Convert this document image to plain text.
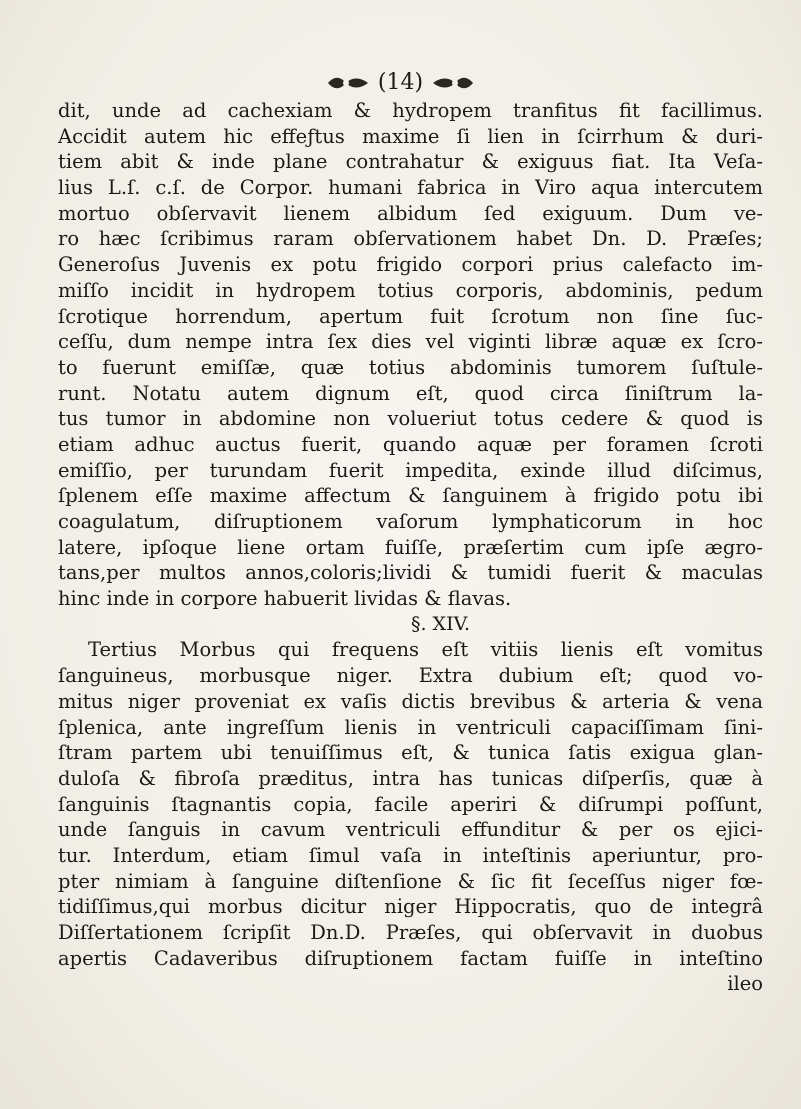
(14)
dit, unde ad cachexiam & hydropem tranfitus fit facillimus.
Accidit autem hic effeƒtus maxime ſi lien in ſcirrhum & duri-
tiem abit & inde plane contrahatur & exiguus fiat. Ita Veſa-
lius L.ſ. c.ſ. de Corpor. humani fabrica in Viro aqua intercutem
mortuo obſervavit lienem albidum ſed exiguum. Dum ve-
ro hæc ſcribimus raram obſervationem habet Dn. D. Præſes;
Generoſus Juvenis ex potu frigido corpori prius calefacto im-
miſſo incidit in hydropem totius corporis, abdominis, pedum
ſcrotique horrendum, apertum fuit ſcrotum non ſine ſuc-
ceſſu, dum nempe intra ſex dies vel viginti libræ aquæ ex ſcro-
to fuerunt emiſſæ, quæ totius abdominis tumorem ſuſtule-
runt. Notatu autem dignum eſt, quod circa ſiniſtrum la-
tus tumor in abdomine non volueriut totus cedere & quod is
etiam adhuc auctus fuerit, quando aquæ per foramen ſcroti
emiſſio, per turundam fuerit impedita, exinde illud diſcimus,
ſplenem eſſe maxime affectum & ſanguinem à frigido potu ibi
coagulatum, diſruptionem vaſorum lymphaticorum in hoc
latere, ipſoque liene ortam fuiſſe, præſertim cum ipſe ægro-
tans,per multos annos,coloris;lividi & tumidi fuerit & maculas
hinc inde in corpore habuerit lividas & flavas.
§. XIV.
Tertius Morbus qui frequens eſt vitiis lienis eſt vomitus
ſanguineus, morbusque niger. Extra dubium eſt; quod vo-
mitus niger proveniat ex vaſis dictis brevibus & arteria & vena
ſplenica, ante ingreſſum lienis in ventriculi capaciſſimam ſini-
ſtram partem ubi tenuiſſimus eſt, & tunica ſatis exigua glan-
duloſa & fibroſa præditus, intra has tunicas diſperſis, quæ à
ſanguinis ſtagnantis copia, facile aperiri & diſrumpi poſſunt,
unde ſanguis in cavum ventriculi effunditur & per os ejici-
tur. Interdum, etiam ſimul vaſa in inteſtinis aperiuntur, pro-
pter nimiam à ſanguine diſtenſione & ſic fit ſeceſſus niger fœ-
tidiſſimus,qui morbus dicitur niger Hippocratis, quo de integrâ
Diſſertationem ſcripſit Dn.D. Præſes, qui obſervavit in duobus
apertis Cadaveribus diſruptionem factam fuiſſe in inteſtino
ileo
